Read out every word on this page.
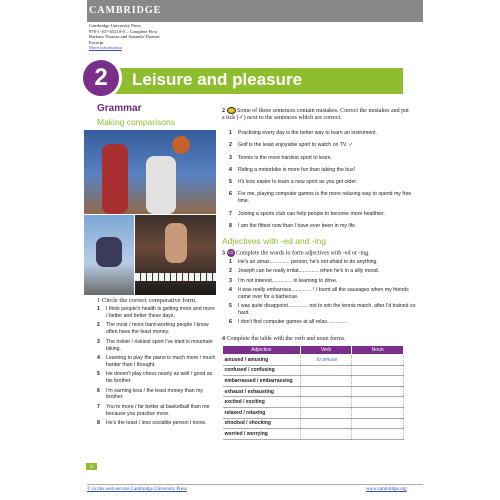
CAMBRIDGE
Cambridge University Press
978-1-107-65210-0 – Complete First
Barbara Thomas and Amanda Thomas
Excerpt
More information
2	Leisure and pleasure
Grammar
Making comparisons
1 Circle the correct comparative form.
1 I think people's health is getting more and more / better and better these days.
2 The most / more hard-working people I know often have the least money.
3 The riskier / riskiest sport I've tried is mountain biking.
4 Learning to play the piano is much more / much harder than I thought.
5 He doesn't play chess nearly as well / good as his brother.
6 I'm earning less / the least money than my brother.
7 You're more / far better at basketball than me because you practise more.
8 He's the least / less sociable person I know.
2 Some of these sentences contain mistakes. Correct the mistakes and put a tick (✓) next to the sentences which are correct.
1 Practising every day is the better way to learn an instrument.
2 Golf is the least enjoyable sport to watch on TV. ✓
3 Tennis is the more hardest sport to learn.
4 Riding a motorbike is more fun than taking the bus!
5 It's less easier to learn a new sport as you get older.
6 For me, playing computer games is the more relaxing way to spend my free time.
7 Joining a sports club can help people to become more healthier.
8 I am the fittest now than I have ever been in my life.
Adjectives with -ed and -ing
3 CD Complete the words to form adjectives with -ed or -ing.
1 He's an amaz.............. person; he's not afraid to do anything.
2 Joseph can be really irritat.............. when he's in a silly mood.
3 I'm not interest.............. in learning to drive.
4 It was really embarrass.............. ! I burnt all the sausages when my friends came over for a barbecue.
5 I was quite disappoint.............. not to win the tennis match, after I'd trained so hard.
6 I don't find computer games at all relax..............
4 Complete the table with the verb and noun forms.
Adjective	Verb	Noun
amused / amusing	to amuse	
confused / confusing		
embarrassed / embarrassing		
exhaust / exhausting		
excited / exciting		
relaxed / relaxing		
shocked / shocking		
worried / worrying		
8
© in this web service Cambridge University Press	www.cambridge.org
